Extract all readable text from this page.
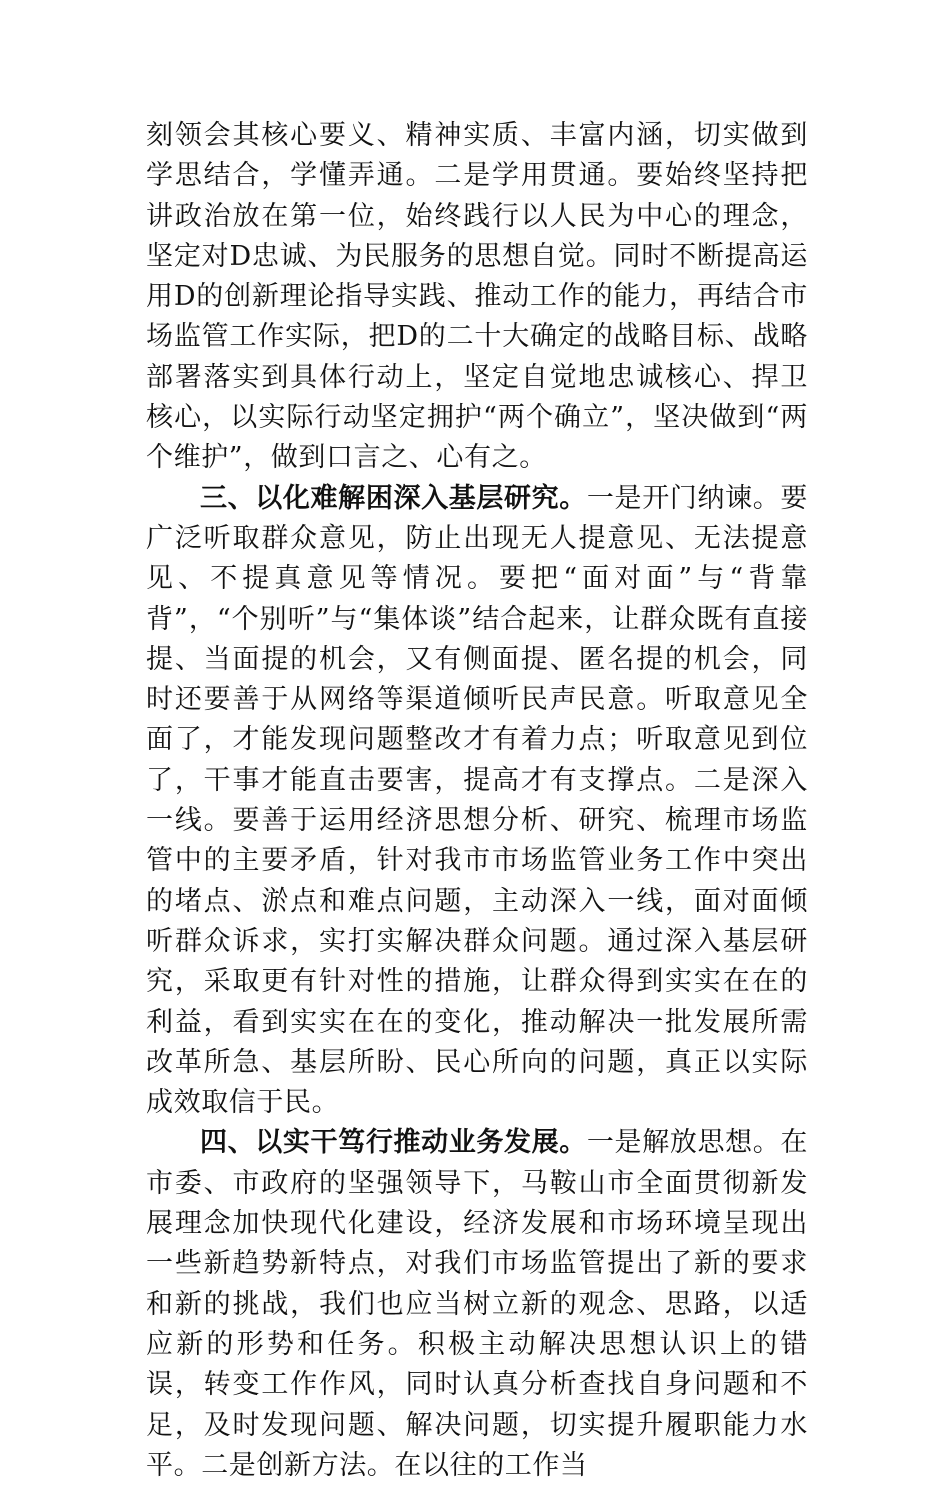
刻领会其核心要义、精神实质、丰富内涵，切实做到学思结合，学懂弄通。二是学用贯通。要始终坚持把讲政治放在第一位，始终践行以人民为中心的理念，坚定对D忠诚、为民服务的思想自觉。同时不断提高运用D的创新理论指导实践、推动工作的能力，再结合市场监管工作实际，把D的二十大确定的战略目标、战略部署落实到具体行动上，坚定自觉地忠诚核心、捍卫核心，以实际行动坚定拥护“两个确立”，坚决做到“两个维护”，做到口言之、心有之。

三、以化难解困深入基层研究。一是开门纳谏。要广泛听取群众意见，防止出现无人提意见、无法提意见、不提真意见等情况。要把“面对面”与“背靠背”，“个别听”与“集体谈”结合起来，让群众既有直接提、当面提的机会，又有侧面提、匿名提的机会，同时还要善于从网络等渠道倾听民声民意。听取意见全面了，才能发现问题整改才有着力点；听取意见到位了，干事才能直击要害，提高才有支撑点。二是深入一线。要善于运用经济思想分析、研究、梳理市场监管中的主要矛盾，针对我市市场监管业务工作中突出的堵点、淤点和难点问题，主动深入一线，面对面倾听群众诉求，实打实解决群众问题。通过深入基层研究，采取更有针对性的措施，让群众得到实实在在的利益，看到实实在在的变化，推动解决一批发展所需改革所急、基层所盼、民心所向的问题，真正以实际成效取信于民。

四、以实干笃行推动业务发展。一是解放思想。在市委、市政府的坚强领导下，马鞍山市全面贯彻新发展理念加快现代化建设，经济发展和市场环境呈现出一些新趋势新特点，对我们市场监管提出了新的要求和新的挑战，我们也应当树立新的观念、思路，以适应新的形势和任务。积极主动解决思想认识上的错误，转变工作作风，同时认真分析查找自身问题和不足，及时发现问题、解决问题，切实提升履职能力水平。二是创新方法。在以往的工作当
